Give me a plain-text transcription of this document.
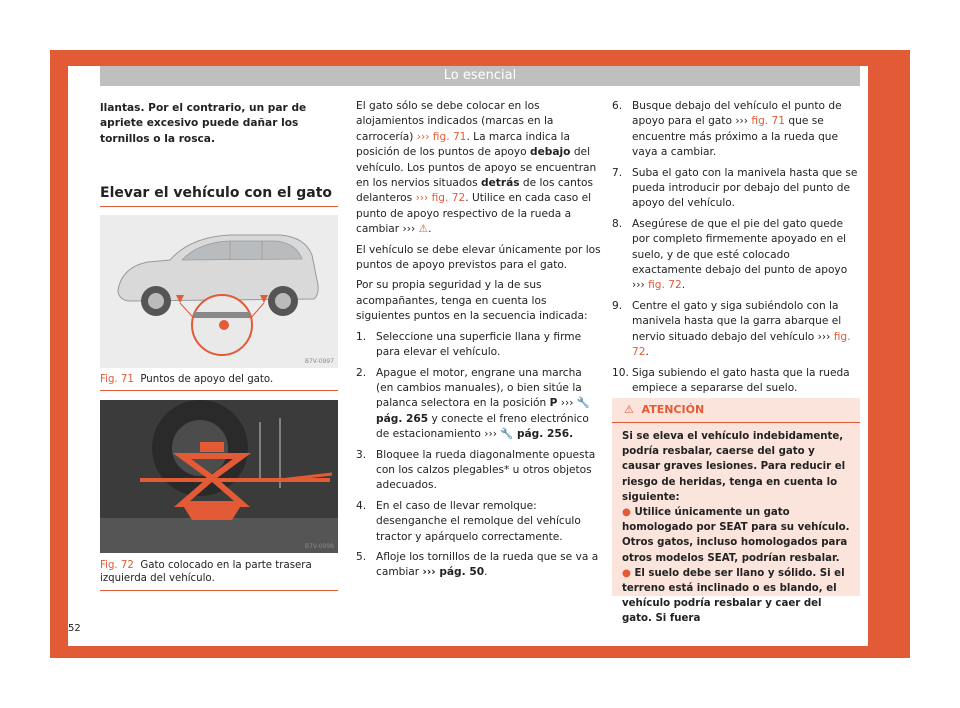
Lo esencial
llantas. Por el contrario, un par de apriete excesivo puede dañar los tornillos o la rosca.
Elevar el vehículo con el gato
B7V-0997
Fig. 71 Puntos de apoyo del gato.
B7V-0998
Fig. 72 Gato colocado en la parte trasera izquierda del vehículo.
52

El gato sólo se debe colocar en los alojamientos indicados (marcas en la carrocería) ››› fig. 71. La marca indica la posición de los puntos de apoyo debajo del vehículo. Los puntos de apoyo se encuentran en los nervios situados detrás de los cantos delanteros ››› fig. 72. Utilice en cada caso el punto de apoyo respectivo de la rueda a cambiar ››› ⚠.

El vehículo se debe elevar únicamente por los puntos de apoyo previstos para el gato.

Por su propia seguridad y la de sus acompañantes, tenga en cuenta los siguientes puntos en la secuencia indicada:

1. Seleccione una superficie llana y firme para elevar el vehículo.
2. Apague el motor, engrane una marcha (en cambios manuales), o bien sitúe la palanca selectora en la posición P ››› 🔧 pág. 265 y conecte el freno electrónico de estacionamiento ››› 🔧 pág. 256.
3. Bloquee la rueda diagonalmente opuesta con los calzos plegables* u otros objetos adecuados.
4. En el caso de llevar remolque: desenganche el remolque del vehículo tractor y apárquelo correctamente.
5. Afloje los tornillos de la rueda que se va a cambiar ››› pág. 50.
6. Busque debajo del vehículo el punto de apoyo para el gato ››› fig. 71 que se encuentre más próximo a la rueda que vaya a cambiar.
7. Suba el gato con la manivela hasta que se pueda introducir por debajo del punto de apoyo del vehículo.
8. Asegúrese de que el pie del gato quede por completo firmemente apoyado en el suelo, y de que esté colocado exactamente debajo del punto de apoyo ››› fig. 72.
9. Centre el gato y siga subiéndolo con la manivela hasta que la garra abarque el nervio situado debajo del vehículo ››› fig. 72.
10. Siga subiendo el gato hasta que la rueda empiece a separarse del suelo.
⚠ ATENCIÓN

Si se eleva el vehículo indebidamente, podría resbalar, caerse del gato y causar graves lesiones. Para reducir el riesgo de heridas, tenga en cuenta lo siguiente:

● Utilice únicamente un gato homologado por SEAT para su vehículo. Otros gatos, incluso homologados para otros modelos SEAT, podrían resbalar.

● El suelo debe ser llano y sólido. Si el terreno está inclinado o es blando, el vehículo podría resbalar y caer del gato. Si fuera
